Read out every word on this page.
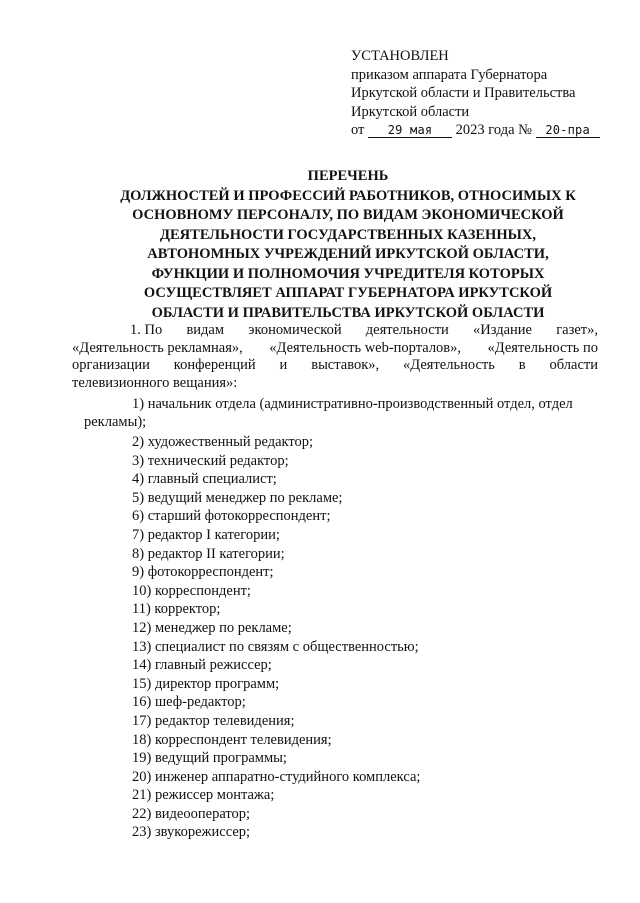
УСТАНОВЛЕН
приказом аппарата Губернатора
Иркутской области и Правительства
Иркутской области
от 29 мая 2023 года № 20-пра
ПЕРЕЧЕНЬ
ДОЛЖНОСТЕЙ И ПРОФЕССИЙ РАБОТНИКОВ, ОТНОСИМЫХ К
ОСНОВНОМУ ПЕРСОНАЛУ, ПО ВИДАМ ЭКОНОМИЧЕСКОЙ
ДЕЯТЕЛЬНОСТИ ГОСУДАРСТВЕННЫХ КАЗЕННЫХ,
АВТОНОМНЫХ УЧРЕЖДЕНИЙ ИРКУТСКОЙ ОБЛАСТИ,
ФУНКЦИИ И ПОЛНОМОЧИЯ УЧРЕДИТЕЛЯ КОТОРЫХ
ОСУЩЕСТВЛЯЕТ АППАРАТ ГУБЕРНАТОРА ИРКУТСКОЙ
ОБЛАСТИ И ПРАВИТЕЛЬСТВА ИРКУТСКОЙ ОБЛАСТИ
1. По видам экономической деятельности «Издание газет»,
«Деятельность рекламная», «Деятельность web-порталов», «Деятельность по
организации конференций и выставок», «Деятельность в области
телевизионного вещания»:
1) начальник отдела (административно-производственный отдел, отдел
рекламы);
2) художественный редактор;
3) технический редактор;
4) главный специалист;
5) ведущий менеджер по рекламе;
6) старший фотокорреспондент;
7) редактор I категории;
8) редактор II категории;
9) фотокорреспондент;
10) корреспондент;
11) корректор;
12) менеджер по рекламе;
13) специалист по связям с общественностью;
14) главный режиссер;
15) директор программ;
16) шеф-редактор;
17) редактор телевидения;
18) корреспондент телевидения;
19) ведущий программы;
20) инженер аппаратно-студийного комплекса;
21) режиссер монтажа;
22) видеооператор;
23) звукорежиссер;
